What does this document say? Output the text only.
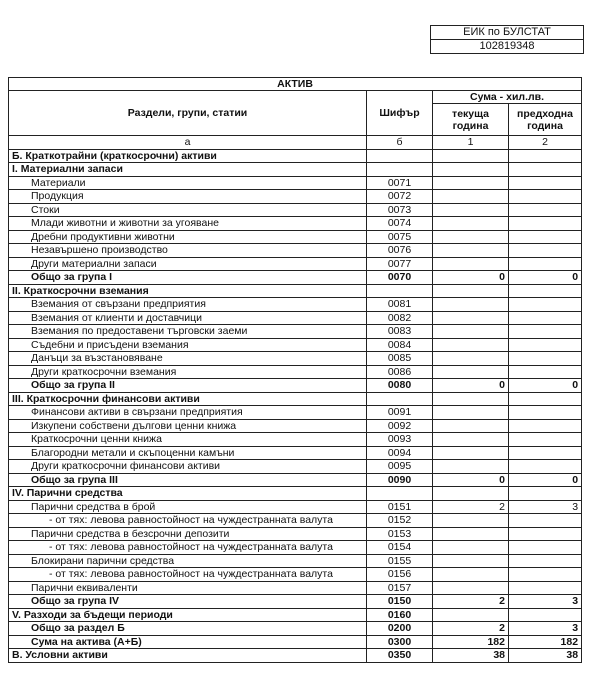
ЕИК по БУЛСТАТ
102819348
АКТИВ			
Раздели, групи, статии	Шифър	Сума - хил.лв.	
		текуща година	предходна година
а	б	1	2
Б. Краткотрайни (краткосрочни) активи			
I. Материални запаси			
Материали	0071		
Продукция	0072		
Стоки	0073		
Млади животни и животни за угояване	0074		
Дребни продуктивни животни	0075		
Незавършено производство	0076		
Други материални запаси	0077		
Общо за група I	0070	0	0
II. Краткосрочни вземания			
Вземания от свързани предприятия	0081		
Вземания от клиенти и доставчици	0082		
Вземания по предоставени търговски заеми	0083		
Съдебни и присъдени вземания	0084		
Данъци за възстановяване	0085		
Други краткосрочни вземания	0086		
Общо за група II	0080	0	0
III. Краткосрочни финансови активи			
Финансови активи в свързани предприятия	0091		
Изкупени собствени дългови ценни книжа	0092		
Краткосрочни ценни книжа	0093		
Благородни метали и скъпоценни камъни	0094		
Други краткосрочни финансови активи	0095		
Общо за група III	0090	0	0
IV. Парични средства			
Парични средства в брой	0151	2	3
- от тях: левова равностойност на чуждестранната валута	0152		
Парични средства в безсрочни депозити	0153		
- от тях: левова равностойност на чуждестранната валута	0154		
Блокирани парични средства	0155		
- от тях: левова равностойност на чуждестранната валута	0156		
Парични еквиваленти	0157		
Общо за група IV	0150	2	3
V. Разходи за бъдещи периоди	0160		
Общо за раздел Б	0200	2	3
Сума на актива (А+Б)	0300	182	182
В. Условни активи	0350	38	38
